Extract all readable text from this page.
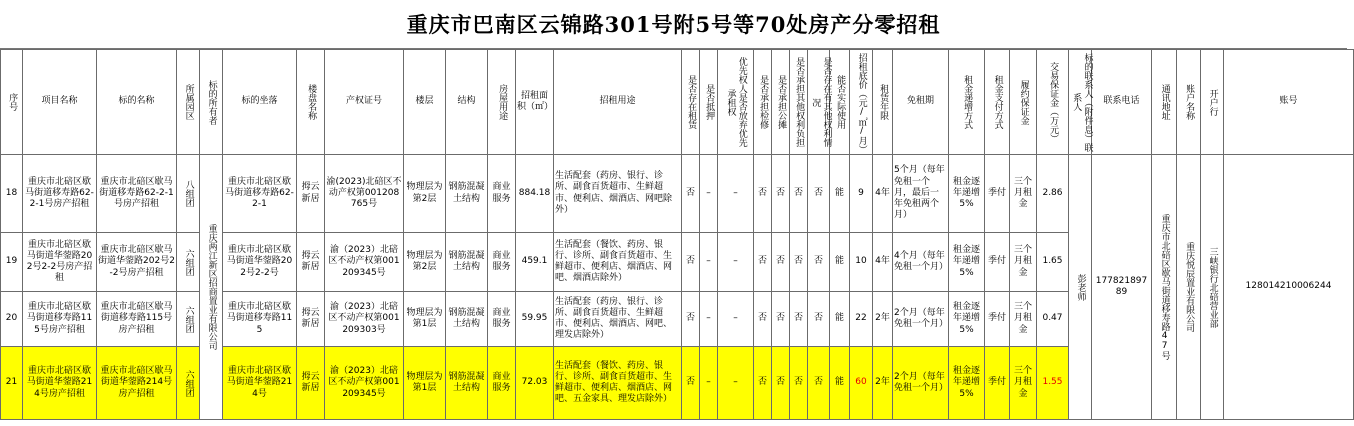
重庆市巴南区云锦路301号附5号等70处房产分零招租
序号	项目名称	标的名称	所属园区	标的所有者	标的坐落	楼盘名称	产权证号	楼层	结构	房屋用途	招租面积（㎡）	招租用途	是否存在租赁	是否抵押	优先权人是否放弃优先承租权	是否承担检修	是否承担公摊	是否承担其他权利负担	是否存在有其他权利情况	能否实际使用	招租底价（元/㎡/月）	租赁年限	免租期	租金递增方式	租金支付方式	履约保证金	交易保证金（万元）	标的联系人（附件息）联系人	联系电话	通讯地址	账户名称	开户行	账号
18	重庆市北碚区歇马街道移寿路62-2-1号房产招租	重庆市北碚区歇马街道移寿路62-2-1号房产招租	八组团	重庆两江新区招商置业有限公司	重庆市北碚区歇马街道移寿路62-2-1	拇云新居	渝(2023)北碚区不动产权第001208765号	物理层为第2层	钢筋混凝土结构	商业服务	884.18	生活配套（药房、银行、诊所、副食百货超市、生鲜超市、便利店、烟酒店、网吧除外）	否	–	–	否	否	否	否	能	9	4年	5个月（每年免租一个月，最后一年免租两个月）	租金逐年递增5%	季付	三个月租金	2.86	彭老师	17782189789	重庆市北碚区歇马街道移寿路47号	重庆悦辰置业有限公司	三峡银行北碚营业部	128014210006244
19	重庆市北碚区歇马街道华蓥路202号2-2号房产招租	重庆市北碚区歇马街道华蓥路202号2-2号房产招租	六组团		重庆市北碚区歇马街道华蓥路202号2-2号	拇云新居	渝（2023）北碚区不动产权第001209345号	物理层为第2层	钢筋混凝土结构	商业服务	459.1	生活配套（餐饮、药房、银行、诊所、副食百货超市、生鲜超市、便利店、烟酒店、网吧、烟酒店除外）	否	–	–	否	否	否	否	能	10	4年	4个月（每年免租一个月）	租金逐年递增5%	季付	三个月租金	1.65						
20	重庆市北碚区歇马街道移寿路115号房产招租	重庆市北碚区歇马街道移寿路115号房产招租	六组团		重庆市北碚区歇马街道移寿路115	拇云新居	渝（2023）北碚区不动产权第001209303号	物理层为第1层	钢筋混凝土结构	商业服务	59.95	生活配套（药房、银行、诊所、副食百货超市、生鲜超市、便利店、烟酒店、网吧、理发店除外）	否	–	–	否	否	否	否	能	22	2年	2个月（每年免租一个月）	租金逐年递增5%	季付	三个月租金	0.47						
21	重庆市北碚区歇马街道华蓥路214号房产招租	重庆市北碚区歇马街道华蓥路214号房产招租	六组团		重庆市北碚区歇马街道华蓥路214号	拇云新居	渝（2023）北碚区不动产权第001209345号	物理层为第1层	钢筋混凝土结构	商业服务	72.03	生活配套（餐饮、药房、银行、诊所、副食百货超市、生鲜超市、便利店、烟酒店、网吧、五金家具、理发店除外）	否	–	–	否	否	否	否	能	60	2年	2个月（每年免租一个月）	租金逐年递增5%	季付	三个月租金	1.55						
